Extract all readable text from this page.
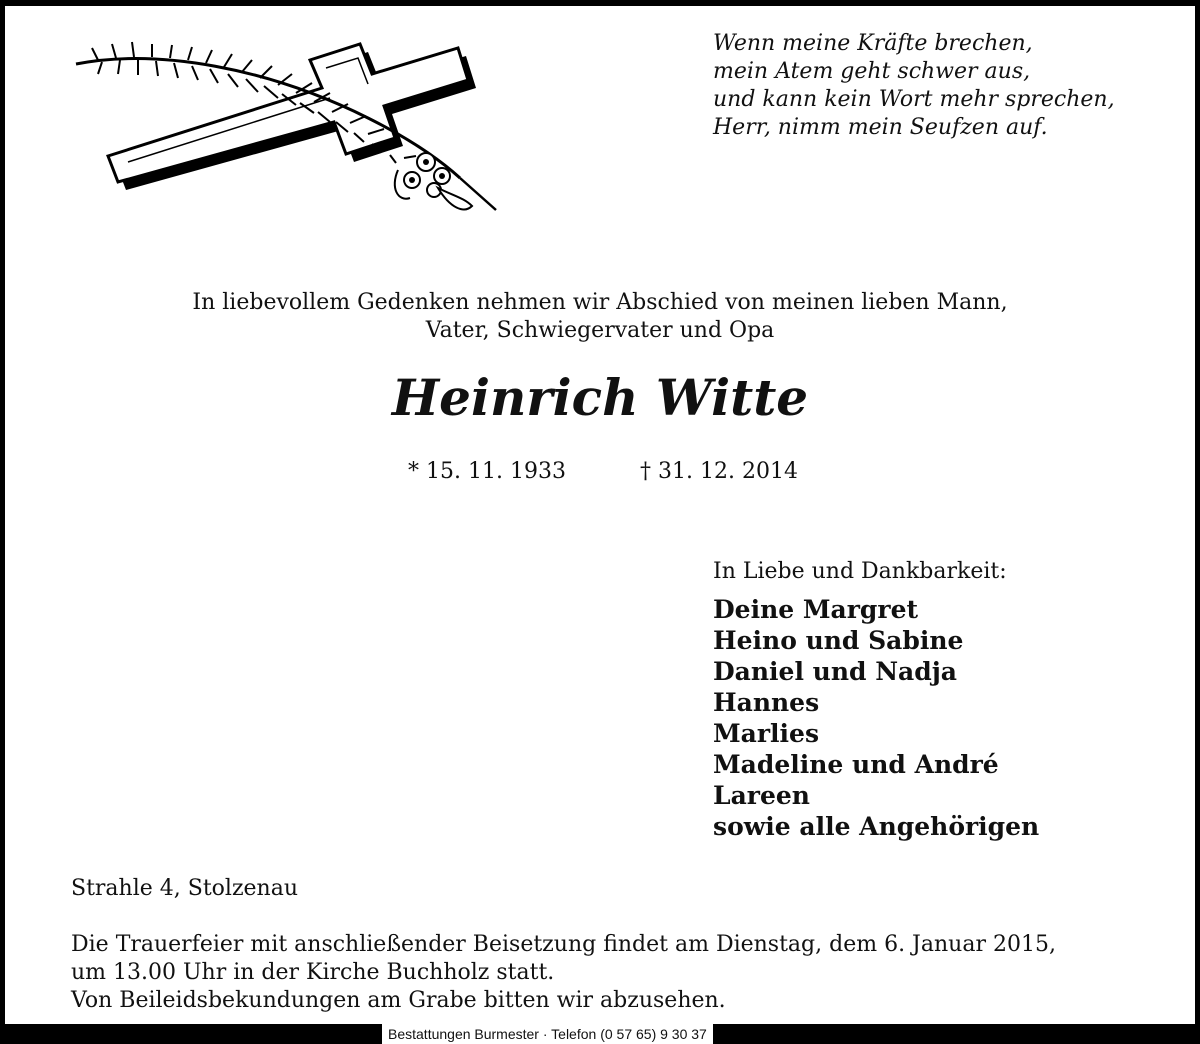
Wenn meine Kräfte brechen,
mein Atem geht schwer aus,
und kann kein Wort mehr sprechen,
Herr, nimm mein Seufzen auf.
In liebevollem Gedenken nehmen wir Abschied von meinen lieben Mann,
Vater, Schwiegervater und Opa
Heinrich Witte
* 15. 11. 1933	† 31. 12. 2014
In Liebe und Dankbarkeit:
Deine Margret
Heino und Sabine
Daniel und Nadja
Hannes
Marlies
Madeline und André
Lareen
sowie alle Angehörigen
Strahle 4, Stolzenau
Die Trauerfeier mit anschließender Beisetzung findet am Dienstag, dem 6. Januar 2015,
um 13.00 Uhr in der Kirche Buchholz statt.
Von Beileidsbekundungen am Grabe bitten wir abzusehen.
Bestattungen Burmester · Telefon (0 57 65) 9 30 37
